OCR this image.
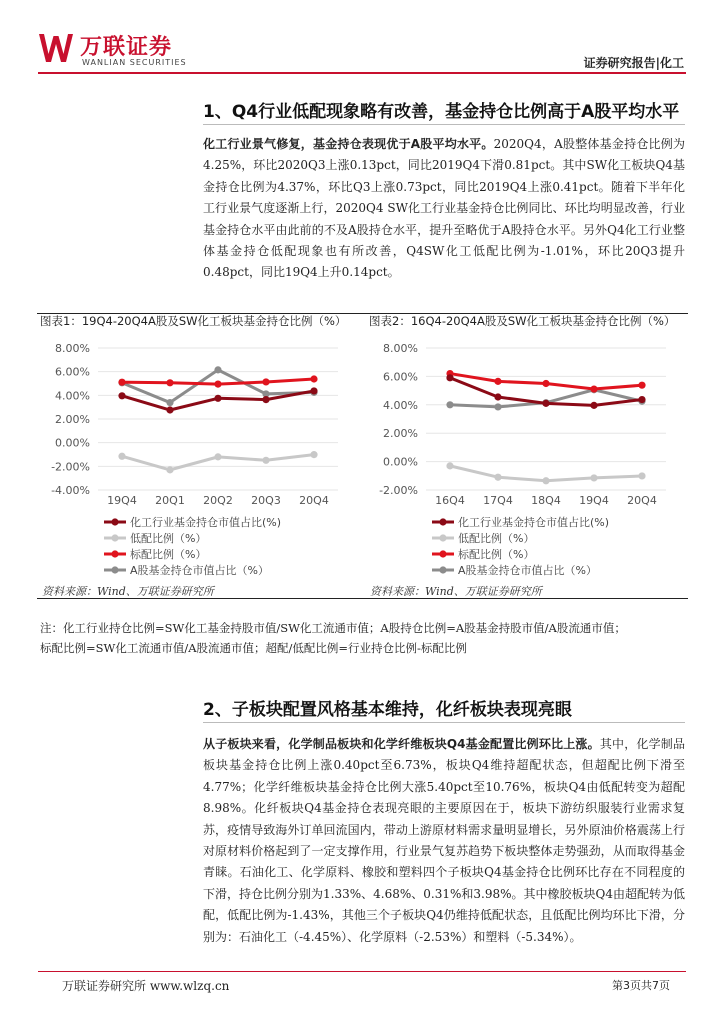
万联证券
WANLIAN SECURITIES	证券研究报告|化工
1、Q4行业低配现象略有改善，基金持仓比例高于A股平均水平
化工行业景气修复，基金持仓表现优于A股平均水平。2020Q4，A股整体基金持仓比例为4.25%，环比2020Q3上涨0.13pct，同比2019Q4下滑0.81pct。其中SW化工板块Q4基金持仓比例为4.37%，环比Q3上涨0.73pct，同比2019Q4上涨0.41pct。随着下半年化工行业景气度逐渐上行，2020Q4 SW化工行业基金持仓比例同比、环比均明显改善，行业基金持仓水平由此前的不及A股持仓水平，提升至略优于A股持仓水平。另外Q4化工行业整体基金持仓低配现象也有所改善，Q4SW化工低配比例为-1.01%，环比20Q3提升0.48pct，同比19Q4上升0.14pct。
图表1：19Q4-20Q4A股及SW化工板块基金持仓比例（%） 图表2：16Q4-20Q4A股及SW化工板块基金持仓比例（%）
8.00%
6.00%
4.00%
2.00%
0.00%
-2.00%
-4.00%
19Q4 20Q1 20Q2 20Q3 20Q4
化工行业基金持仓市值占比(%)
低配比例（%）
标配比例（%）
A股基金持仓市值占比（%）
8.00%
6.00%
4.00%
2.00%
0.00%
-2.00%
16Q4 17Q4 18Q4 19Q4 20Q4
化工行业基金持仓市值占比(%)
低配比例（%）
标配比例（%）
A股基金持仓市值占比（%）
资料来源：Wind、万联证券研究所	资料来源：Wind、万联证券研究所
注：化工行业持仓比例=SW化工基金持股市值/SW化工流通市值；A股持仓比例=A股基金持股市值/A股流通市值；
标配比例=SW化工流通市值/A股流通市值；超配/低配比例=行业持仓比例-标配比例
2、子板块配置风格基本维持，化纤板块表现亮眼
从子板块来看，化学制品板块和化学纤维板块Q4基金配置比例环比上涨。其中，化学制品板块基金持仓比例上涨0.40pct至6.73%，板块Q4维持超配状态，但超配比例下滑至4.77%；化学纤维板块基金持仓比例大涨5.40pct至10.76%，板块Q4由低配转变为超配8.98%。化纤板块Q4基金持仓表现亮眼的主要原因在于，板块下游纺织服装行业需求复苏，疫情导致海外订单回流国内，带动上游原材料需求量明显增长，另外原油价格震荡上行对原材料价格起到了一定支撑作用，行业景气复苏趋势下板块整体走势强劲，从而取得基金青睐。石油化工、化学原料、橡胶和塑料四个子板块Q4基金持仓比例环比存在不同程度的下滑，持仓比例分别为1.33%、4.68%、0.31%和3.98%。其中橡胶板块Q4由超配转为低配，低配比例为-1.43%，其他三个子板块Q4仍维持低配状态，且低配比例均环比下滑，分别为：石油化工（-4.45%）、化学原料（-2.53%）和塑料（-5.34%）。
万联证券研究所 www.wlzq.cn	第3页共7页
